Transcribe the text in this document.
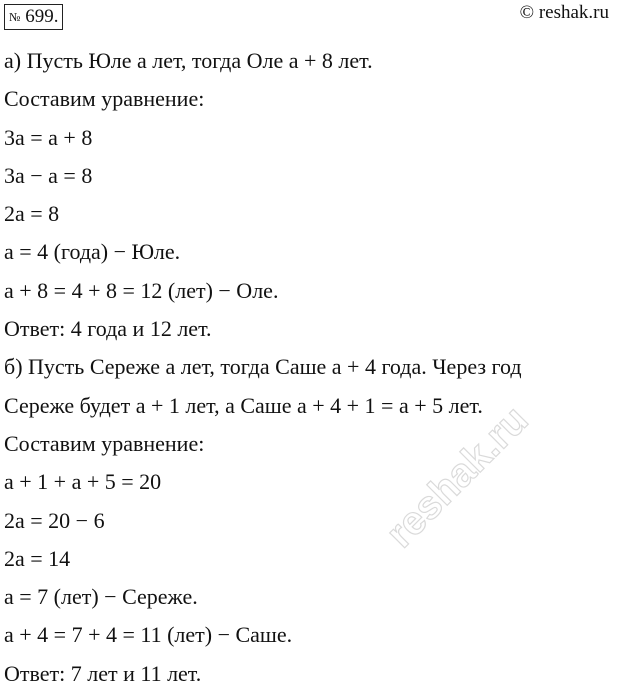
№ 699.	© reshak.ru
а) Пусть Юле a лет, тогда Оле a + 8 лет.
Составим уравнение:
3a = a + 8
3a − a = 8
2a = 8
a = 4 (года) − Юле.
a + 8 = 4 + 8 = 12 (лет) − Оле.
Ответ: 4 года и 12 лет.
б) Пусть Сереже a лет, тогда Саше a + 4 года. Через год
Сереже будет a + 1 лет, а Саше a + 4 + 1 = a + 5 лет.
Составим уравнение:
a + 1 + a + 5 = 20
2a = 20 − 6
2a = 14
a = 7 (лет) − Сереже.
a + 4 = 7 + 4 = 11 (лет) − Саше.
Ответ: 7 лет и 11 лет.
reshak.ru
